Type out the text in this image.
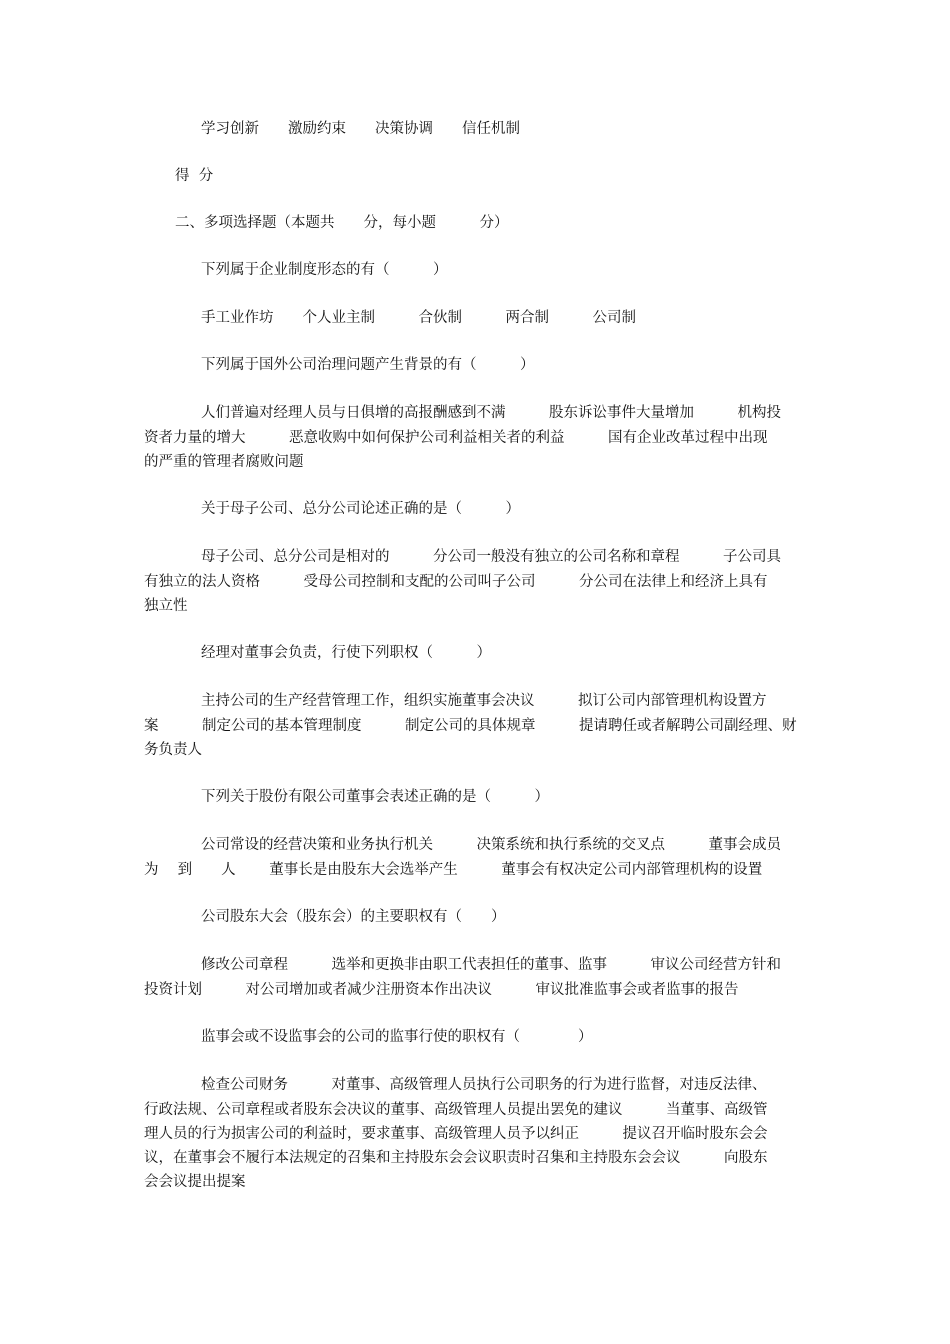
学习创新　　激励约束　　决策协调　　信任机制
得  分
二、多项选择题（本题共　　分，每小题　　　分）
下列属于企业制度形态的有（　　　）
手工业作坊　　个人业主制　　　合伙制　　　两合制　　　公司制
下列属于国外公司治理问题产生背景的有（　　　）
人们普遍对经理人员与日俱增的高报酬感到不满　　　股东诉讼事件大量增加　　　机构投
资者力量的增大　　　恶意收购中如何保护公司利益相关者的利益　　　国有企业改革过程中出现
的严重的管理者腐败问题
关于母子公司、总分公司论述正确的是（　　　）
母子公司、总分公司是相对的　　　分公司一般没有独立的公司名称和章程　　　子公司具
有独立的法人资格　　　受母公司控制和支配的公司叫子公司　　　分公司在法律上和经济上具有
独立性
经理对董事会负责，行使下列职权（　　　）
主持公司的生产经营管理工作，组织实施董事会决议　　　拟订公司内部管理机构设置方
案　　　制定公司的基本管理制度　　　制定公司的具体规章　　　提请聘任或者解聘公司副经理、财
务负责人
下列关于股份有限公司董事会表述正确的是（　　　）
公司常设的经营决策和业务执行机关　　　决策系统和执行系统的交叉点　　　董事会成员
为　 到　　人　　 董事长是由股东大会选举产生　　　董事会有权决定公司内部管理机构的设置
公司股东大会（股东会）的主要职权有（　　）
修改公司章程　　　选举和更换非由职工代表担任的董事、监事　　　审议公司经营方针和
投资计划　　　对公司增加或者减少注册资本作出决议　　　审议批准监事会或者监事的报告
监事会或不设监事会的公司的监事行使的职权有（　　　　）
检查公司财务　　　对董事、高级管理人员执行公司职务的行为进行监督，对违反法律、
行政法规、公司章程或者股东会决议的董事、高级管理人员提出罢免的建议　　　当董事、高级管
理人员的行为损害公司的利益时，要求董事、高级管理人员予以纠正　　　提议召开临时股东会会
议，在董事会不履行本法规定的召集和主持股东会会议职责时召集和主持股东会会议　　　向股东
会会议提出提案
